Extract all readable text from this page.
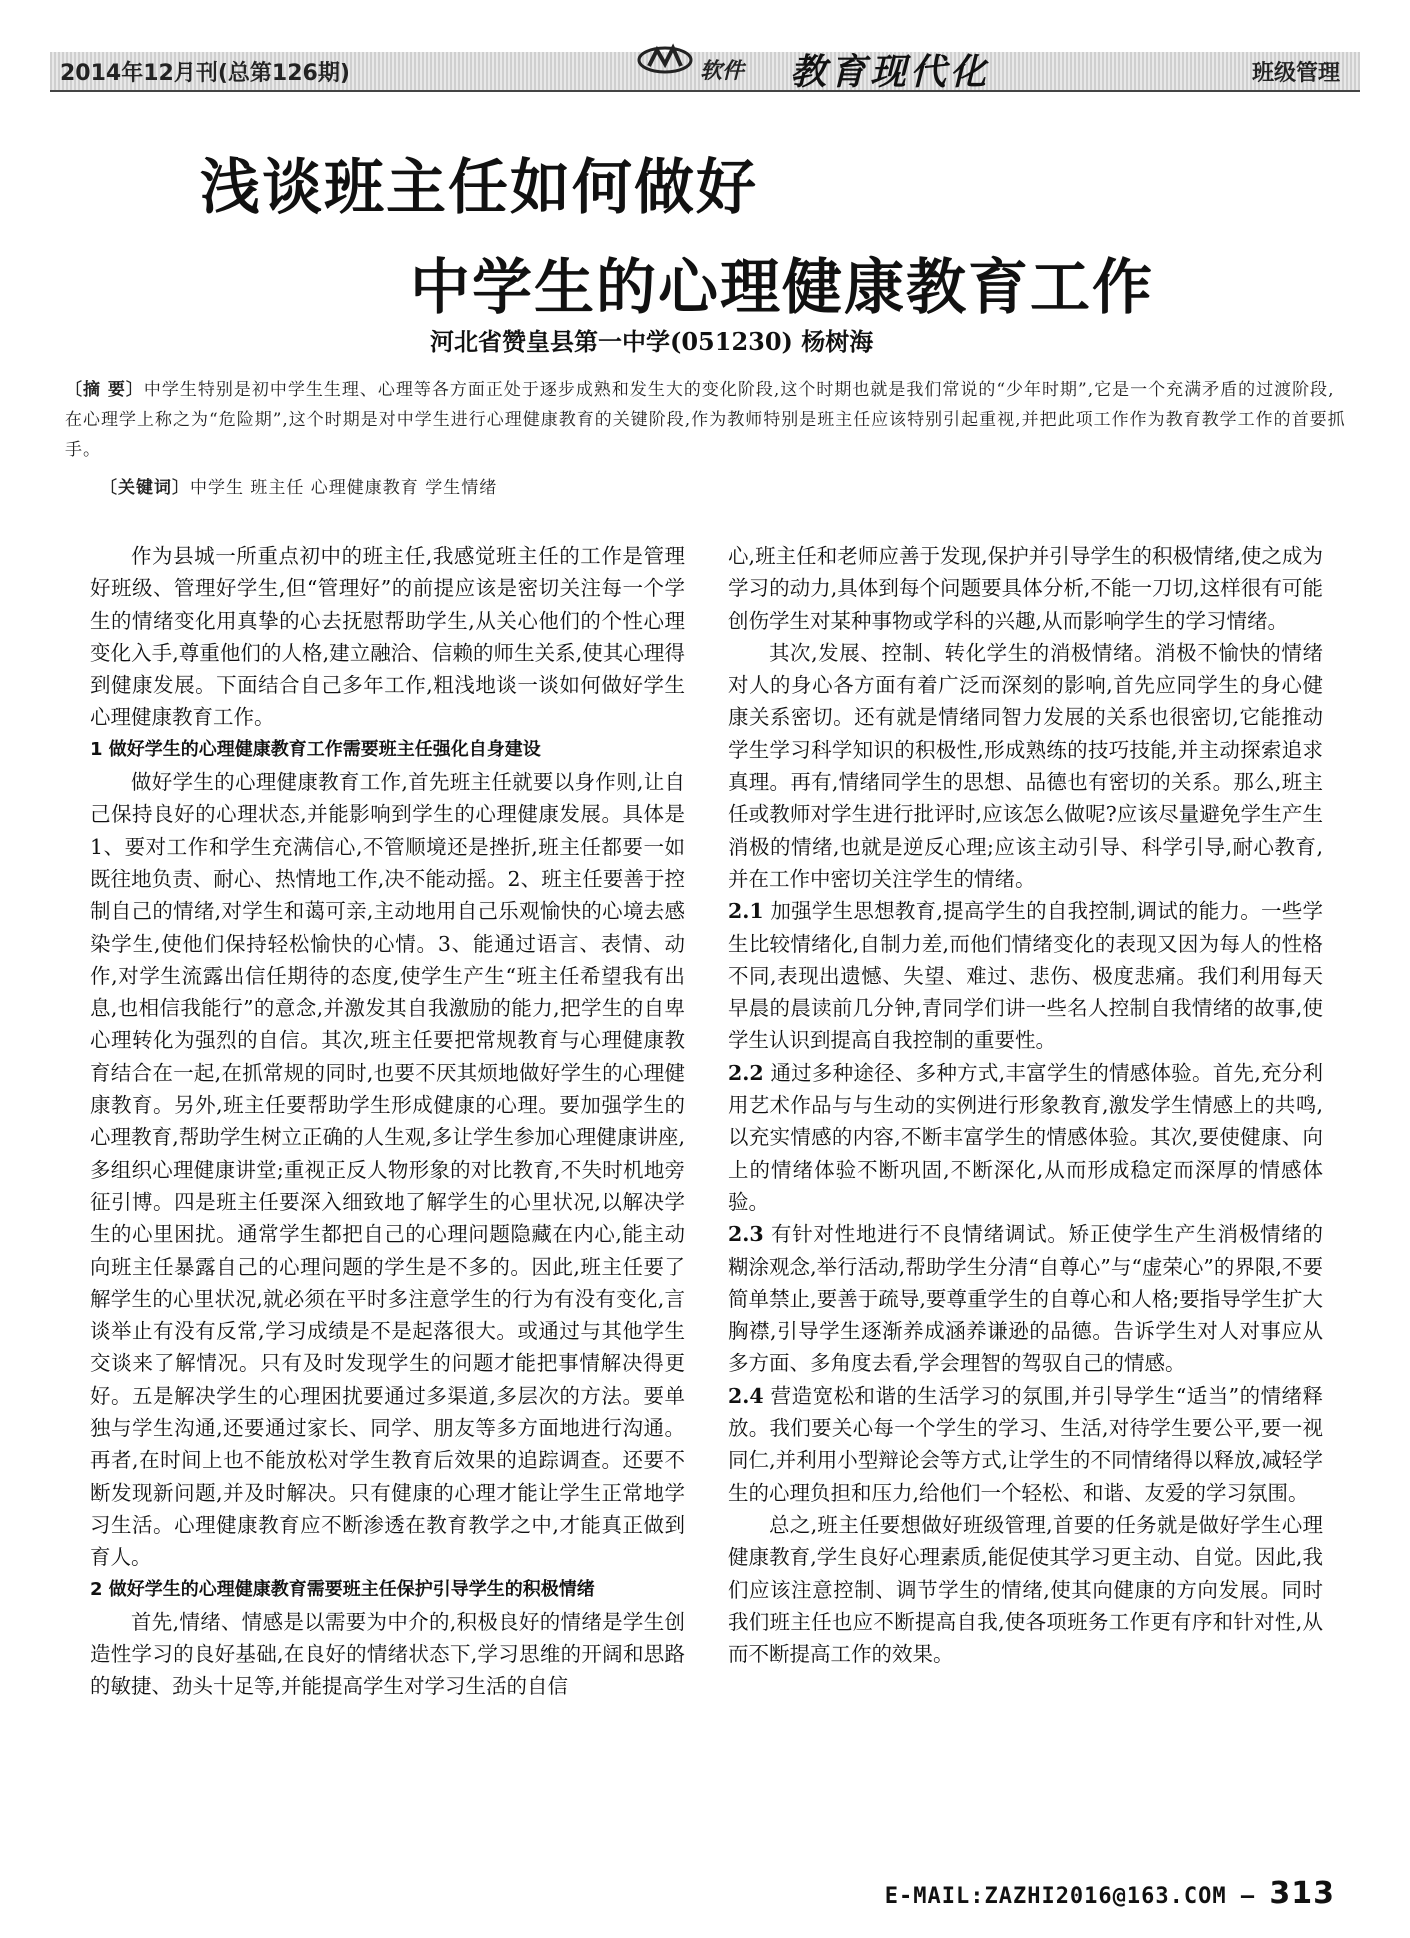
2014年12月刊(总第126期)	软件 教育现代化	班级管理
浅谈班主任如何做好
中学生的心理健康教育工作
河北省赞皇县第一中学(051230) 杨树海
〔摘 要〕中学生特别是初中学生生理、心理等各方面正处于逐步成熟和发生大的变化阶段,这个时期也就是我们常说的“少年时期”,它是一个充满矛盾的过渡阶段,在心理学上称之为“危险期”,这个时期是对中学生进行心理健康教育的关键阶段,作为教师特别是班主任应该特别引起重视,并把此项工作作为教育教学工作的首要抓手。
〔关键词〕中学生 班主任 心理健康教育 学生情绪

作为县城一所重点初中的班主任,我感觉班主任的工作是管理好班级、管理好学生,但“管理好”的前提应该是密切关注每一个学生的情绪变化用真挚的心去抚慰帮助学生,从关心他们的个性心理变化入手,尊重他们的人格,建立融洽、信赖的师生关系,使其心理得到健康发展。下面结合自己多年工作,粗浅地谈一谈如何做好学生心理健康教育工作。

1 做好学生的心理健康教育工作需要班主任强化自身建设

做好学生的心理健康教育工作,首先班主任就要以身作则,让自己保持良好的心理状态,并能影响到学生的心理健康发展。具体是1、要对工作和学生充满信心,不管顺境还是挫折,班主任都要一如既往地负责、耐心、热情地工作,决不能动摇。2、班主任要善于控制自己的情绪,对学生和蔼可亲,主动地用自己乐观愉快的心境去感染学生,使他们保持轻松愉快的心情。3、能通过语言、表情、动作,对学生流露出信任期待的态度,使学生产生“班主任希望我有出息,也相信我能行”的意念,并激发其自我激励的能力,把学生的自卑心理转化为强烈的自信。其次,班主任要把常规教育与心理健康教育结合在一起,在抓常规的同时,也要不厌其烦地做好学生的心理健康教育。另外,班主任要帮助学生形成健康的心理。要加强学生的心理教育,帮助学生树立正确的人生观,多让学生参加心理健康讲座,多组织心理健康讲堂;重视正反人物形象的对比教育,不失时机地旁征引博。四是班主任要深入细致地了解学生的心里状况,以解决学生的心里困扰。通常学生都把自己的心理问题隐藏在内心,能主动向班主任暴露自己的心理问题的学生是不多的。因此,班主任要了解学生的心里状况,就必须在平时多注意学生的行为有没有变化,言谈举止有没有反常,学习成绩是不是起落很大。或通过与其他学生交谈来了解情况。只有及时发现学生的问题才能把事情解决得更好。五是解决学生的心理困扰要通过多渠道,多层次的方法。要单独与学生沟通,还要通过家长、同学、朋友等多方面地进行沟通。再者,在时间上也不能放松对学生教育后效果的追踪调查。还要不断发现新问题,并及时解决。只有健康的心理才能让学生正常地学习生活。心理健康教育应不断渗透在教育教学之中,才能真正做到育人。

2 做好学生的心理健康教育需要班主任保护引导学生的积极情绪

首先,情绪、情感是以需要为中介的,积极良好的情绪是学生创造性学习的良好基础,在良好的情绪状态下,学习思维的开阔和思路的敏捷、劲头十足等,并能提高学生对学习生活的自信

心,班主任和老师应善于发现,保护并引导学生的积极情绪,使之成为学习的动力,具体到每个问题要具体分析,不能一刀切,这样很有可能创伤学生对某种事物或学科的兴趣,从而影响学生的学习情绪。

其次,发展、控制、转化学生的消极情绪。消极不愉快的情绪对人的身心各方面有着广泛而深刻的影响,首先应同学生的身心健康关系密切。还有就是情绪同智力发展的关系也很密切,它能推动学生学习科学知识的积极性,形成熟练的技巧技能,并主动探索追求真理。再有,情绪同学生的思想、品德也有密切的关系。那么,班主任或教师对学生进行批评时,应该怎么做呢?应该尽量避免学生产生消极的情绪,也就是逆反心理;应该主动引导、科学引导,耐心教育,并在工作中密切关注学生的情绪。

2.1 加强学生思想教育,提高学生的自我控制,调试的能力。一些学生比较情绪化,自制力差,而他们情绪变化的表现又因为每人的性格不同,表现出遗憾、失望、难过、悲伤、极度悲痛。我们利用每天早晨的晨读前几分钟,青同学们讲一些名人控制自我情绪的故事,使学生认识到提高自我控制的重要性。

2.2 通过多种途径、多种方式,丰富学生的情感体验。首先,充分利用艺术作品与与生动的实例进行形象教育,激发学生情感上的共鸣,以充实情感的内容,不断丰富学生的情感体验。其次,要使健康、向上的情绪体验不断巩固,不断深化,从而形成稳定而深厚的情感体验。

2.3 有针对性地进行不良情绪调试。矫正使学生产生消极情绪的糊涂观念,举行活动,帮助学生分清“自尊心”与“虚荣心”的界限,不要简单禁止,要善于疏导,要尊重学生的自尊心和人格;要指导学生扩大胸襟,引导学生逐渐养成涵养谦逊的品德。告诉学生对人对事应从多方面、多角度去看,学会理智的驾驭自己的情感。

2.4 营造宽松和谐的生活学习的氛围,并引导学生“适当”的情绪释放。我们要关心每一个学生的学习、生活,对待学生要公平,要一视同仁,并利用小型辩论会等方式,让学生的不同情绪得以释放,减轻学生的心理负担和压力,给他们一个轻松、和谐、友爱的学习氛围。

总之,班主任要想做好班级管理,首要的任务就是做好学生心理健康教育,学生良好心理素质,能促使其学习更主动、自觉。因此,我们应该注意控制、调节学生的情绪,使其向健康的方向发展。同时我们班主任也应不断提高自我,使各项班务工作更有序和针对性,从而不断提高工作的效果。

E-MAIL:ZAZHI2016@163.COM — 313
